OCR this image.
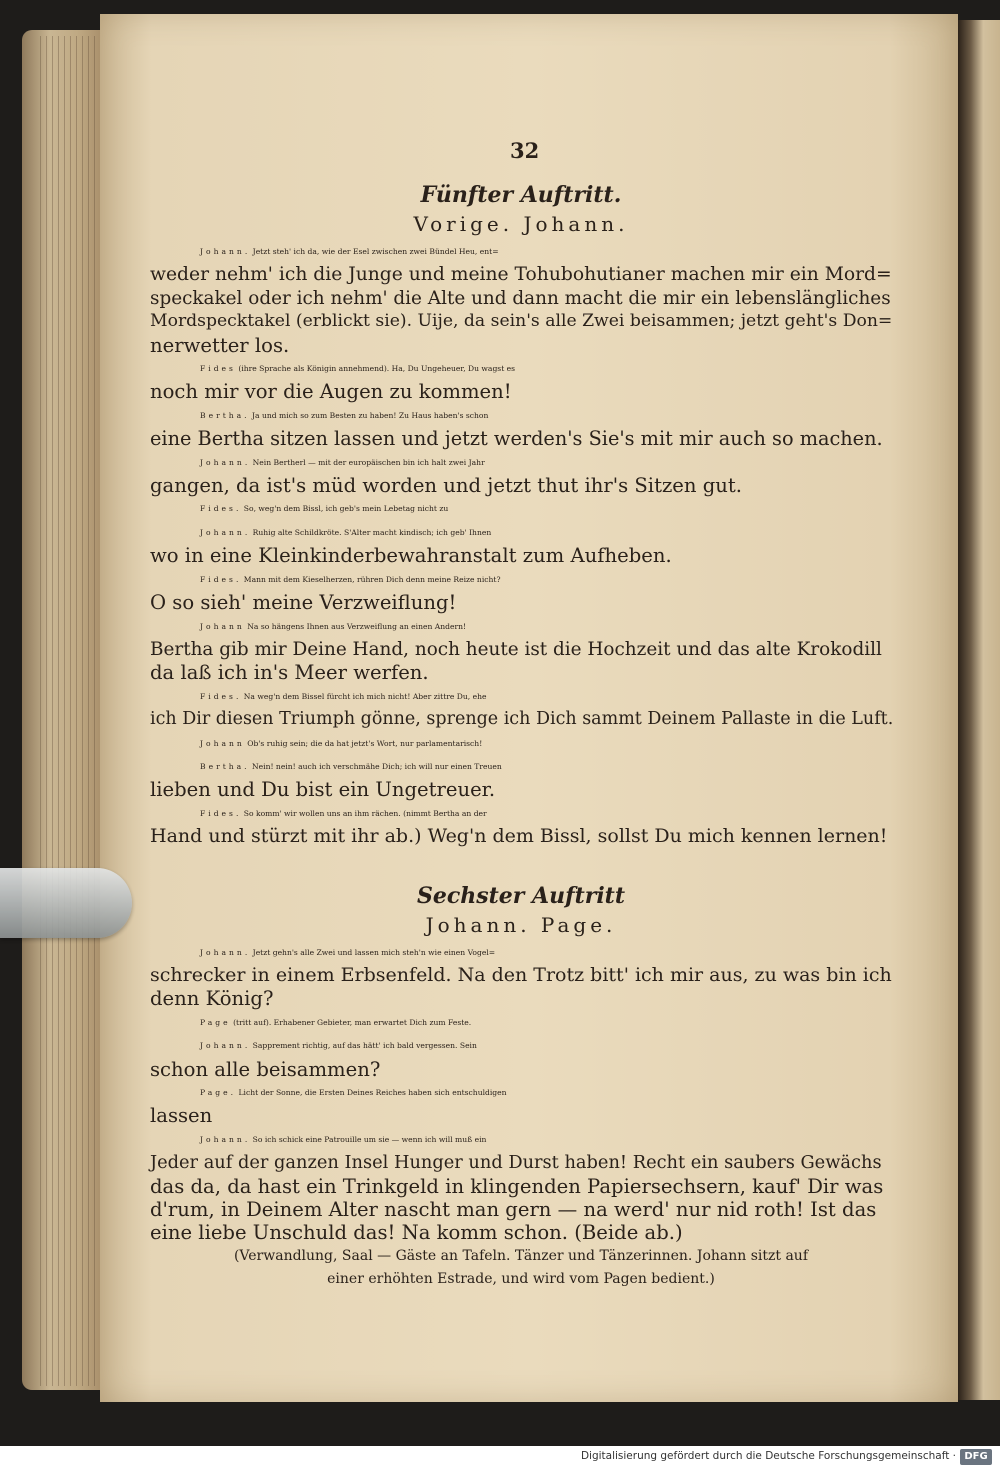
32

Fünfter Auftritt.

Vorige. Johann.

Johann. Jetzt steh' ich da, wie der Esel zwischen zwei Bündel Heu, ent=

weder nehm' ich die Junge und meine Tohubohutianer machen mir ein Mord=

speckakel oder ich nehm' die Alte und dann macht die mir ein lebenslängliches

Mordspecktakel (erblickt sie). Uije, da sein's alle Zwei beisammen; jetzt geht's Don=

nerwetter los.

Fides (ihre Sprache als Königin annehmend). Ha, Du Ungeheuer, Du wagst es

noch mir vor die Augen zu kommen!

Bertha. Ja und mich so zum Besten zu haben! Zu Haus haben's schon

eine Bertha sitzen lassen und jetzt werden's Sie's mit mir auch so machen.

Johann. Nein Bertherl — mit der europäischen bin ich halt zwei Jahr

gangen, da ist's müd worden und jetzt thut ihr's Sitzen gut.

Fides. So, weg'n dem Bissl, ich geb's mein Lebetag nicht zu

Johann. Ruhig alte Schildkröte. S'Alter macht kindisch; ich geb' Ihnen

wo in eine Kleinkinderbewahranstalt zum Aufheben.

Fides. Mann mit dem Kieselherzen, rühren Dich denn meine Reize nicht?

O so sieh' meine Verzweiflung!

Johann Na so hängens Ihnen aus Verzweiflung an einen Andern!

Bertha gib mir Deine Hand, noch heute ist die Hochzeit und das alte Krokodill

da laß ich in's Meer werfen.

Fides. Na weg'n dem Bissel fürcht ich mich nicht! Aber zittre Du, ehe

ich Dir diesen Triumph gönne, sprenge ich Dich sammt Deinem Pallaste in die Luft.

Johann Ob's ruhig sein; die da hat jetzt's Wort, nur parlamentarisch!

Bertha. Nein! nein! auch ich verschmähe Dich; ich will nur einen Treuen

lieben und Du bist ein Ungetreuer.

Fides. So komm' wir wollen uns an ihm rächen. (nimmt Bertha an der

Hand und stürzt mit ihr ab.) Weg'n dem Bissl, sollst Du mich kennen lernen!

Sechster Auftritt

Johann. Page.

Johann. Jetzt gehn's alle Zwei und lassen mich steh'n wie einen Vogel=

schrecker in einem Erbsenfeld. Na den Trotz bitt' ich mir aus, zu was bin ich

denn König?

Page (tritt auf). Erhabener Gebieter, man erwartet Dich zum Feste.

Johann. Sapprement richtig, auf das hätt' ich bald vergessen. Sein

schon alle beisammen?

Page. Licht der Sonne, die Ersten Deines Reiches haben sich entschuldigen

lassen

Johann. So ich schick eine Patrouille um sie — wenn ich will muß ein

Jeder auf der ganzen Insel Hunger und Durst haben! Recht ein saubers Gewächs

das da, da hast ein Trinkgeld in klingenden Papiersechsern, kauf' Dir was

d'rum, in Deinem Alter nascht man gern — na werd' nur nid roth! Ist das

eine liebe Unschuld das! Na komm schon. (Beide ab.)

(Verwandlung, Saal — Gäste an Tafeln. Tänzer und Tänzerinnen. Johann sitzt auf

einer erhöhten Estrade, und wird vom Pagen bedient.)

Digitalisierung gefördert durch die Deutsche Forschungsgemeinschaft · DFG
